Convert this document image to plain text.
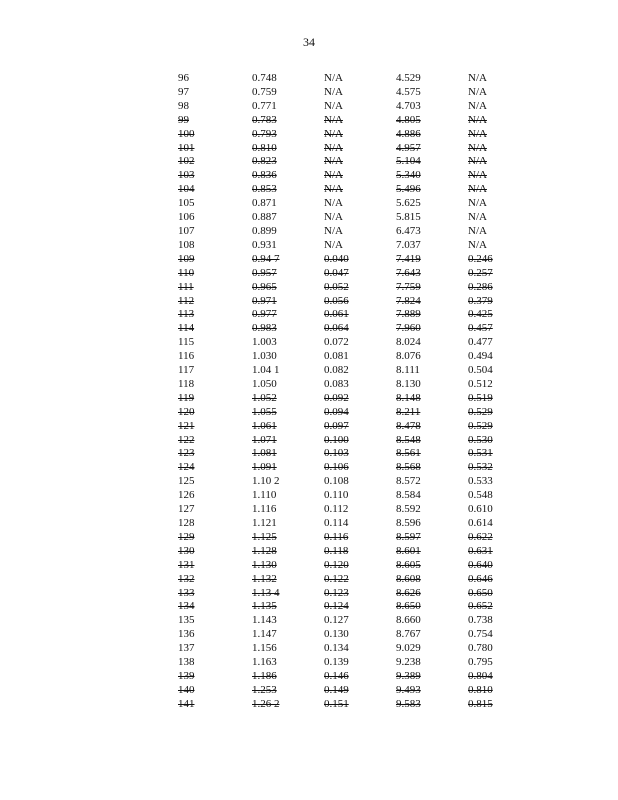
34
96	0.748	N/A	4.529	N/A
97	0.759	N/A	4.575	N/A
98	0.771	N/A	4.703	N/A
99	0.783	N/A	4.805	N/A
100	0.793	N/A	4.886	N/A
101	0.810	N/A	4.957	N/A
102	0.823	N/A	5.104	N/A
103	0.836	N/A	5.340	N/A
104	0.853	N/A	5.496	N/A
105	0.871	N/A	5.625	N/A
106	0.887	N/A	5.815	N/A
107	0.899	N/A	6.473	N/A
108	0.931	N/A	7.037	N/A
109	0.94 7	0.040	7.419	0.246
110	0.957	0.047	7.643	0.257
111	0.965	0.052	7.759	0.286
112	0.971	0.056	7.824	0.379
113	0.977	0.061	7.889	0.425
114	0.983	0.064	7.960	0.457
115	1.003	0.072	8.024	0.477
116	1.030	0.081	8.076	0.494
117	1.04 1	0.082	8.111	0.504
118	1.050	0.083	8.130	0.512
119	1.052	0.092	8.148	0.519
120	1.055	0.094	8.211	0.529
121	1.061	0.097	8.478	0.529
122	1.071	0.100	8.548	0.530
123	1.081	0.103	8.561	0.531
124	1.091	0.106	8.568	0.532
125	1.10 2	0.108	8.572	0.533
126	1.110	0.110	8.584	0.548
127	1.116	0.112	8.592	0.610
128	1.121	0.114	8.596	0.614
129	1.125	0.116	8.597	0.622
130	1.128	0.118	8.601	0.631
131	1.130	0.120	8.605	0.640
132	1.132	0.122	8.608	0.646
133	1.13 4	0.123	8.626	0.650
134	1.135	0.124	8.650	0.652
135	1.143	0.127	8.660	0.738
136	1.147	0.130	8.767	0.754
137	1.156	0.134	9.029	0.780
138	1.163	0.139	9.238	0.795
139	1.186	0.146	9.389	0.804
140	1.253	0.149	9.493	0.810
141	1.26 2	0.151	9.583	0.815
